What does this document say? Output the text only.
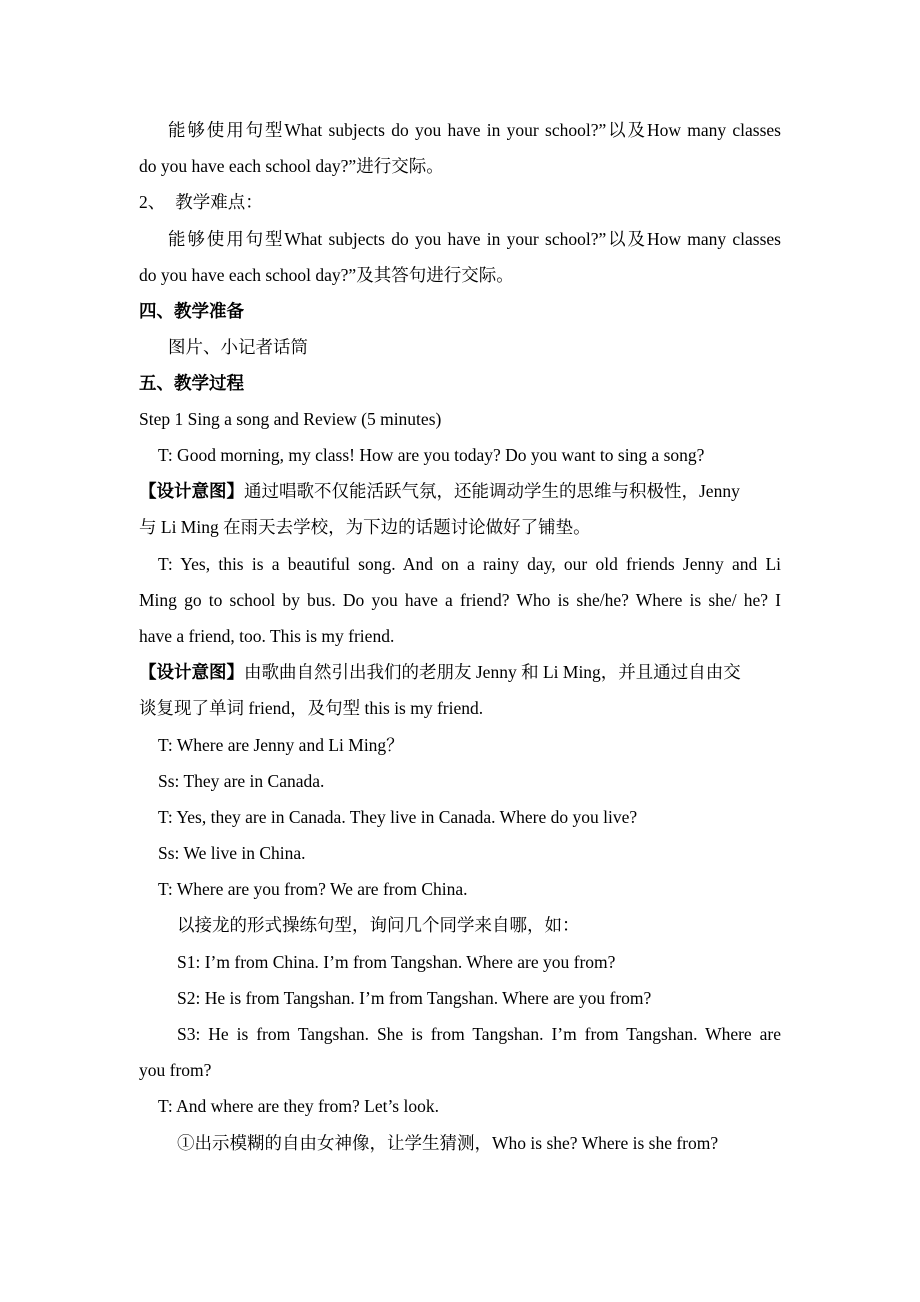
能够使用句型What subjects do you have in your school?”以及How many classes
do you have each school day?”进行交际。
2、 教学难点：
能够使用句型What subjects do you have in your school?”以及How many classes
do you have each school day?”及其答句进行交际。
四、教学准备
图片、小记者话筒
五、教学过程
Step 1 Sing a song and Review (5 minutes)
T: Good morning, my class! How are you today? Do you want to sing a song?
【设计意图】通过唱歌不仅能活跃气氛，还能调动学生的思维与积极性，Jenny
与 Li Ming 在雨天去学校，为下边的话题讨论做好了铺垫。
T: Yes, this is a beautiful song. And on a rainy day, our old friends Jenny and Li
Ming go to school by bus. Do you have a friend? Who is she/he? Where is she/ he? I
have a friend, too. This is my friend.
【设计意图】由歌曲自然引出我们的老朋友 Jenny 和 Li Ming，并且通过自由交
谈复现了单词 friend，及句型 this is my friend.
T: Where are Jenny and Li Ming？
Ss: They are in Canada.
T: Yes, they are in Canada. They live in Canada. Where do you live?
Ss: We live in China.
T: Where are you from? We are from China.
以接龙的形式操练句型，询问几个同学来自哪，如：
S1: I’m from China. I’m from Tangshan. Where are you from?
S2: He is from Tangshan. I’m from Tangshan. Where are you from?
S3: He is from Tangshan. She is from Tangshan. I’m from Tangshan. Where are
you from?
T: And where are they from? Let’s look.
①出示模糊的自由女神像，让学生猜测，Who is she? Where is she from?
